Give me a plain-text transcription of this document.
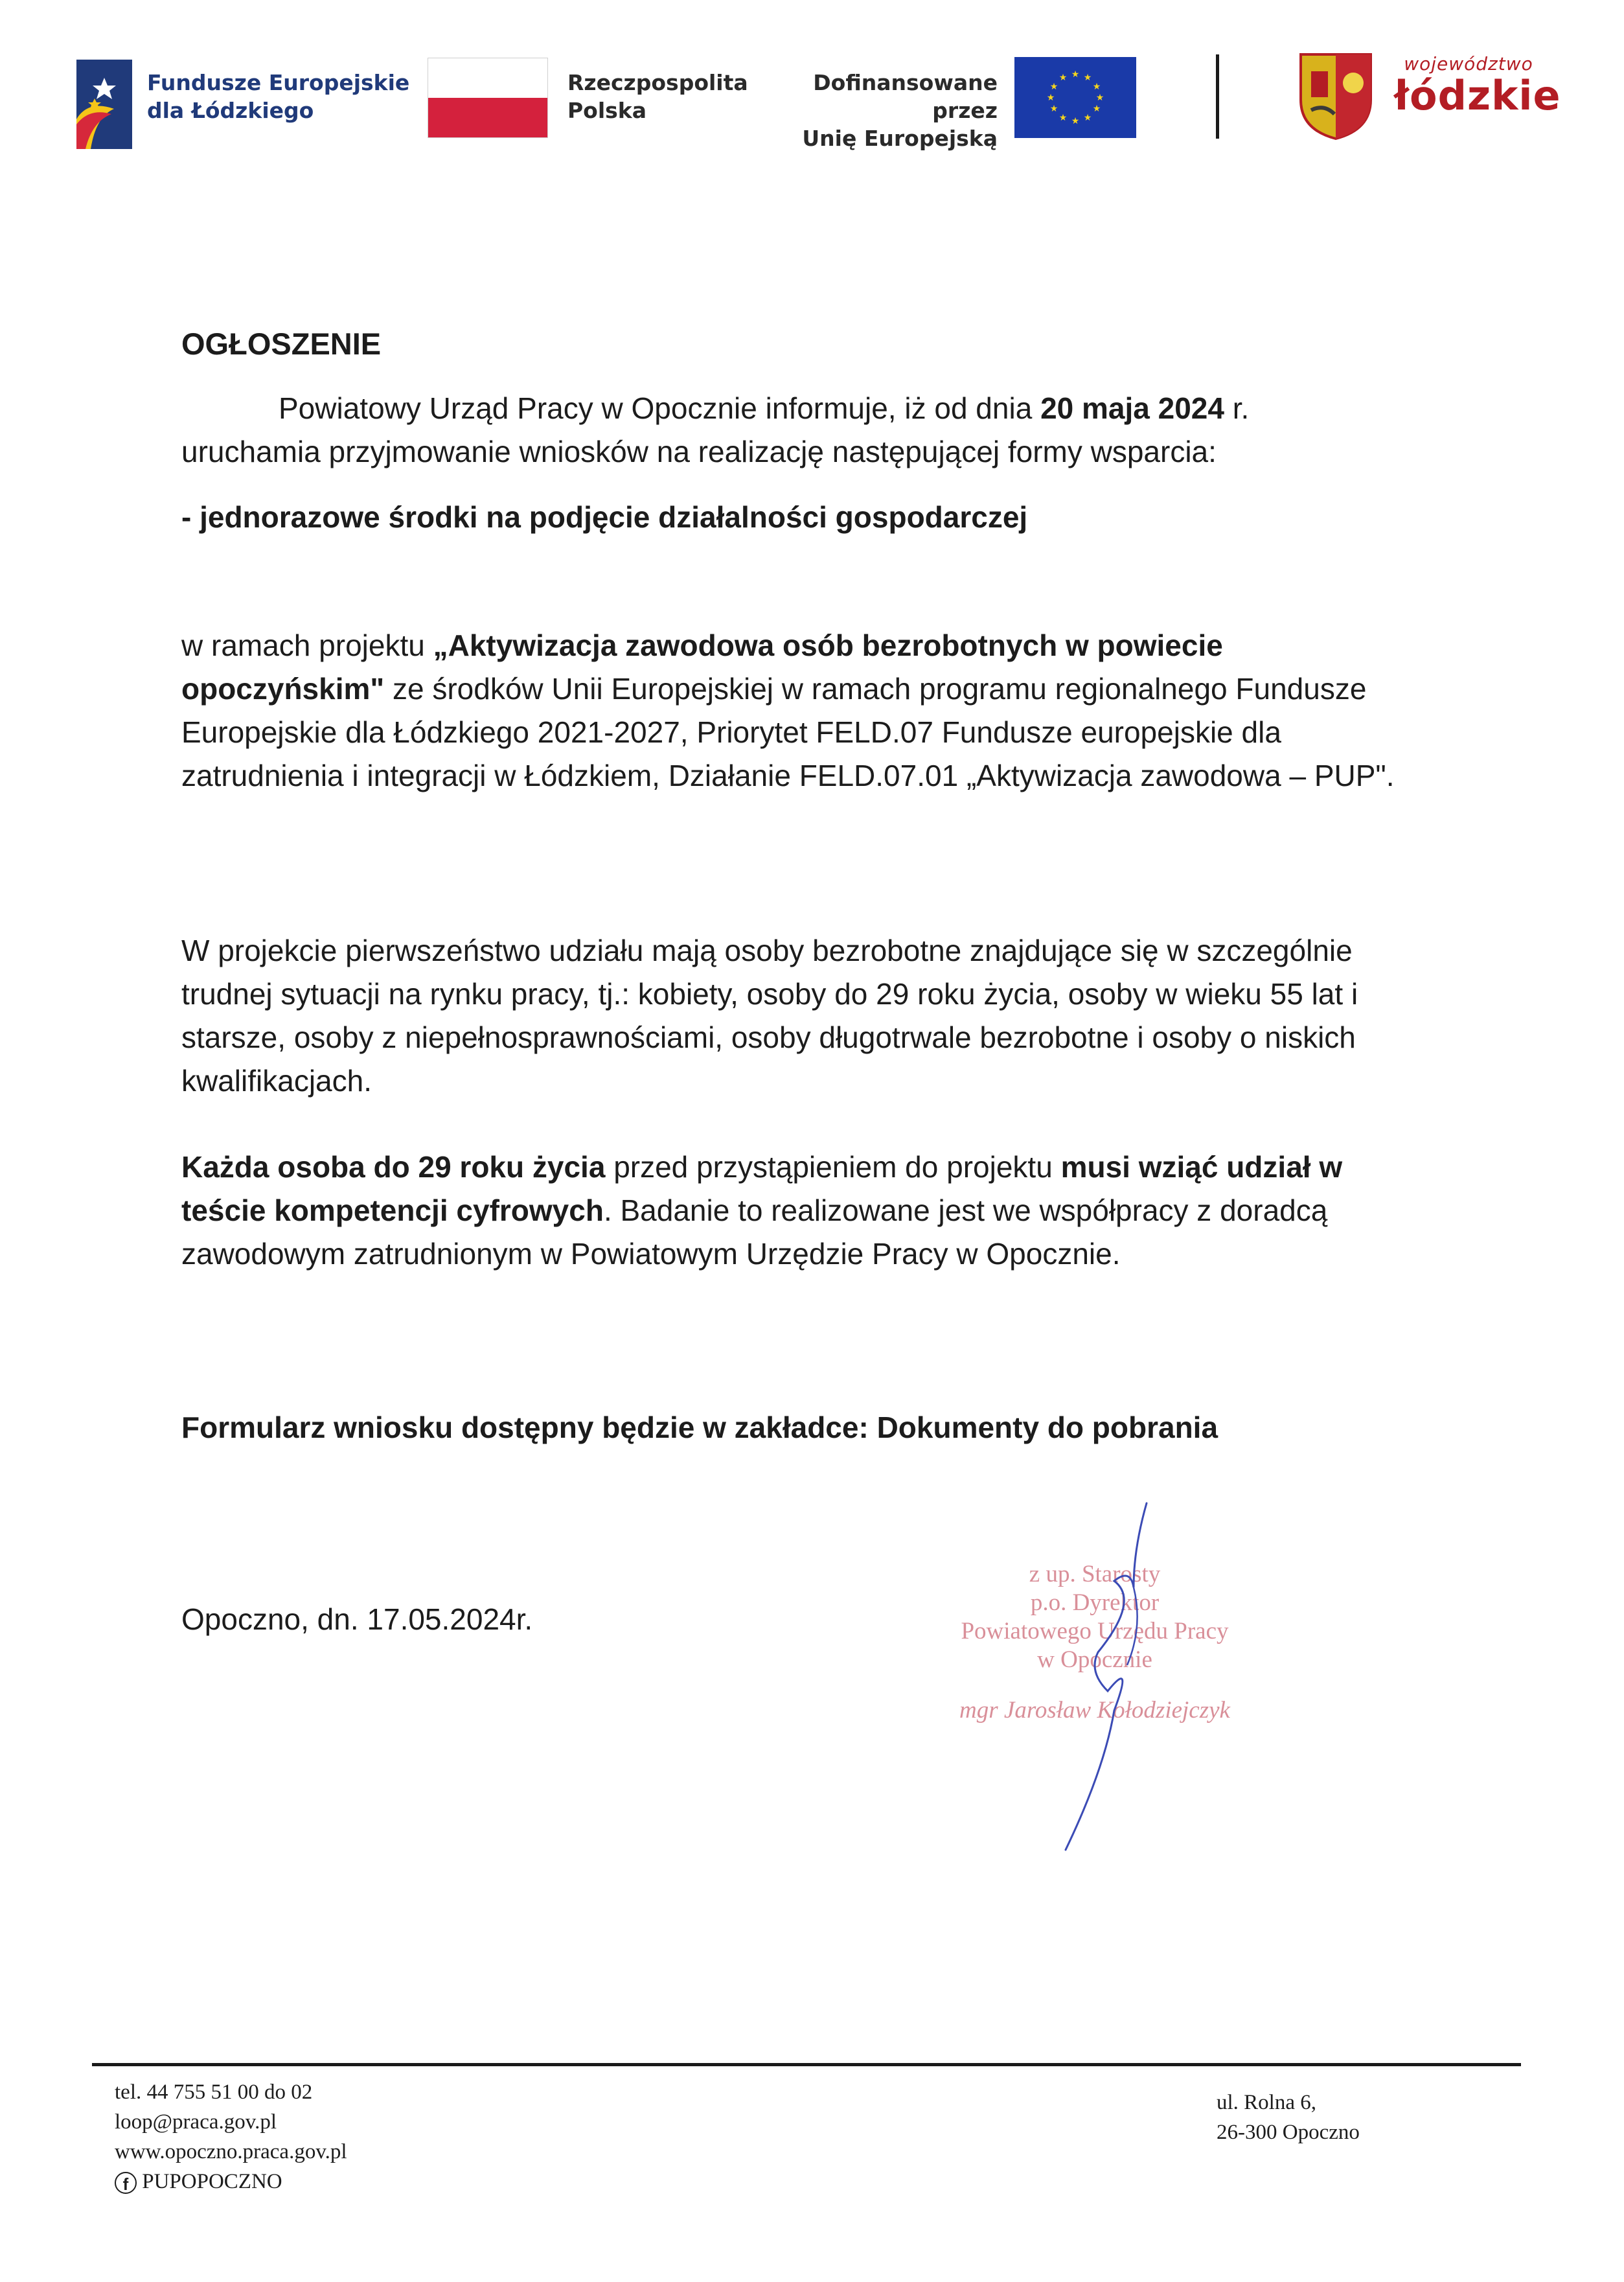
Fundusze Europejskie
dla Łódzkiego
Rzeczpospolita
Polska
Dofinansowane przez
Unię Europejską
★ ★
★
★
★
★
★
★
★
★
★
★
województwo
łódzkie
OGŁOSZENIE

Powiatowy Urząd Pracy w Opocznie informuje, iż od dnia 20 maja 2024 r.

uruchamia przyjmowanie wniosków na realizację następującej formy wsparcia:

- jednorazowe środki na podjęcie działalności gospodarczej

w ramach projektu „Aktywizacja zawodowa osób bezrobotnych w powiecie opoczyńskim" ze środków Unii Europejskiej w ramach programu regionalnego Fundusze Europejskie dla Łódzkiego 2021-2027, Priorytet FELD.07 Fundusze europejskie dla zatrudnienia i integracji w Łódzkiem, Działanie FELD.07.01 „Aktywizacja zawodowa – PUP".

W projekcie pierwszeństwo udziału mają osoby bezrobotne znajdujące się w szczególnie trudnej sytuacji na rynku pracy, tj.: kobiety, osoby do 29 roku życia, osoby w wieku 55 lat i starsze, osoby z niepełnosprawnościami, osoby długotrwale bezrobotne i osoby o niskich kwalifikacjach.

Każda osoba do 29 roku życia przed przystąpieniem do projektu musi wziąć udział w teście kompetencji cyfrowych. Badanie to realizowane jest we współpracy z doradcą zawodowym zatrudnionym w Powiatowym Urzędzie Pracy w Opocznie.

Formularz wniosku dostępny będzie w zakładce: Dokumenty do pobrania

Opoczno, dn. 17.05.2024r.

z up. Starosty
p.o. Dyrektor
Powiatowego Urzędu Pracy
w Opocznie
mgr Jarosław Kołodziejczyk
tel. 44 755 51 00 do 02
loop@praca.gov.pl
www.opoczno.praca.gov.pl
f PUPOPOCZNO
ul. Rolna 6,
26-300 Opoczno
